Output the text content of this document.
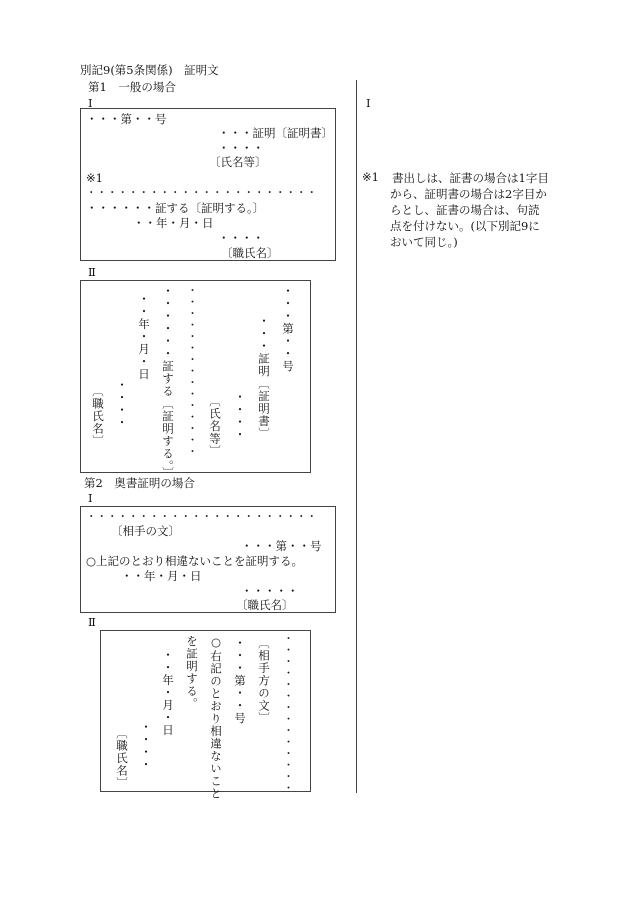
別記9(第5条関係)　証明文
第1　一般の場合
Ⅰ
・・・第・・号
・・・証明〔証明書〕
・・・・
〔氏名等〕
※1
・・・・・・・・・・・・・・・・・・・・・・
・・・・・・証する〔証明する。〕
・・年・月・日
・・・・
〔職氏名〕
Ⅱ
・・・第・・号
・・・証明〔証明書〕
・・・・
〔氏名等〕
・・・・・・・・・・・・・・・
・・・・・・証する〔証明する。〕
・・年・月・日
・・・・
〔職氏名〕
第2　奥書証明の場合
Ⅰ
・・・・・・・・・・・・・・・・・・・・・・
〔相手の文〕
・・・第・・号
○上記のとおり相違ないことを証明する。
・・年・月・日
・・・・・
〔職氏名〕
Ⅱ
・・・・・・・・・・・・・・
〔相手方の文〕
・・・第・・号
○右記のとおり相違ないこと
を証明する。
・・年・月・日
・・・・
〔職氏名〕
Ⅰ
※1 書出しは、証書の場合は1字目から、証明書の場合は2字目からとし、証書の場合は、句読点を付けない。(以下別記9において同じ。)
